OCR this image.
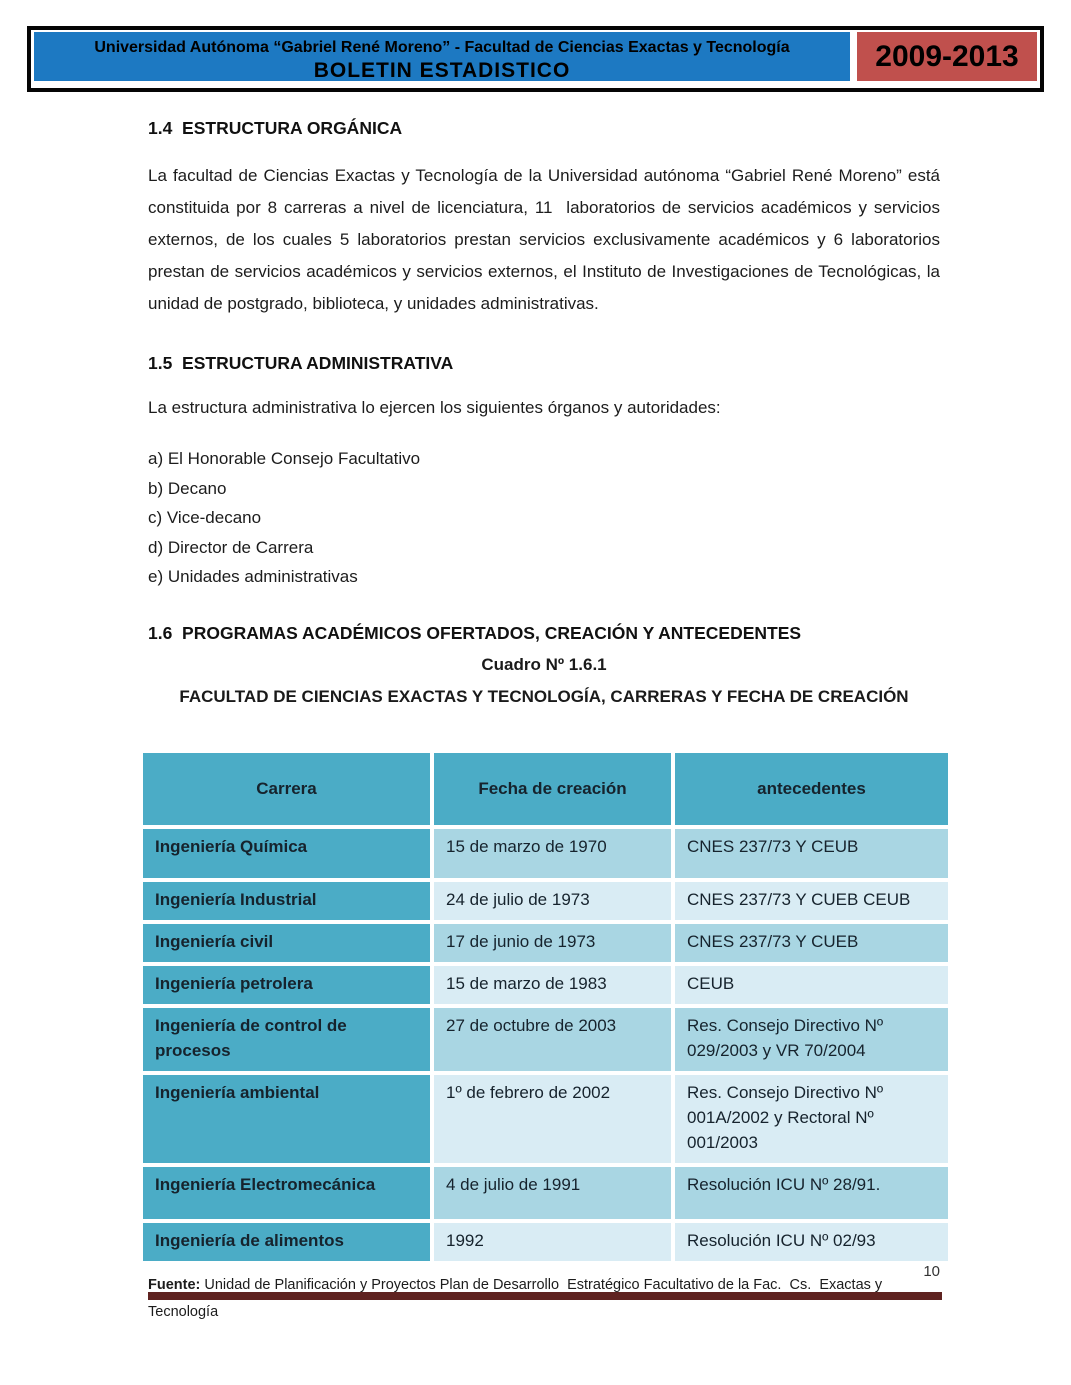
Universidad Autónoma “Gabriel René Moreno” - Facultad de Ciencias Exactas y Tecnología
BOLETIN ESTADISTICO	2009-2013
1.4  ESTRUCTURA ORGÁNICA
La facultad de Ciencias Exactas y Tecnología de la Universidad autónoma “Gabriel René Moreno” está constituida por 8 carreras a nivel de licenciatura, 11  laboratorios de servicios académicos y servicios externos, de los cuales 5 laboratorios prestan servicios exclusivamente académicos y 6 laboratorios prestan de servicios académicos y servicios externos, el Instituto de Investigaciones de Tecnológicas, la unidad de postgrado, biblioteca, y unidades administrativas.
1.5  ESTRUCTURA ADMINISTRATIVA
La estructura administrativa lo ejercen los siguientes órganos y autoridades:
a) El Honorable Consejo Facultativo
b) Decano
c) Vice-decano
d) Director de Carrera
e) Unidades administrativas
1.6  PROGRAMAS ACADÉMICOS OFERTADOS, CREACIÓN Y ANTECEDENTES
Cuadro Nº 1.6.1
FACULTAD DE CIENCIAS EXACTAS Y TECNOLOGÍA, CARRERAS Y FECHA DE CREACIÓN
Carrera	Fecha de creación	antecedentes
Ingeniería Química	15 de marzo de 1970	CNES 237/73 Y CEUB
Ingeniería Industrial	24 de julio de 1973	CNES 237/73 Y CUEB CEUB
Ingeniería civil	17 de junio de 1973	CNES 237/73 Y CUEB
Ingeniería petrolera	15 de marzo de 1983	CEUB
Ingeniería de control de procesos	27 de octubre de 2003	Res. Consejo Directivo Nº 029/2003 y VR 70/2004
Ingeniería ambiental	1º de febrero de 2002	Res. Consejo Directivo Nº 001A/2002 y Rectoral Nº 001/2003
Ingeniería Electromecánica	4 de julio de 1991	Resolución ICU Nº 28/91.
Ingeniería de alimentos	1992	Resolución ICU Nº 02/93
Fuente: Unidad de Planificación y Proyectos Plan de Desarrollo  Estratégico Facultativo de la Fac.  Cs.  Exactas y Tecnología
10
